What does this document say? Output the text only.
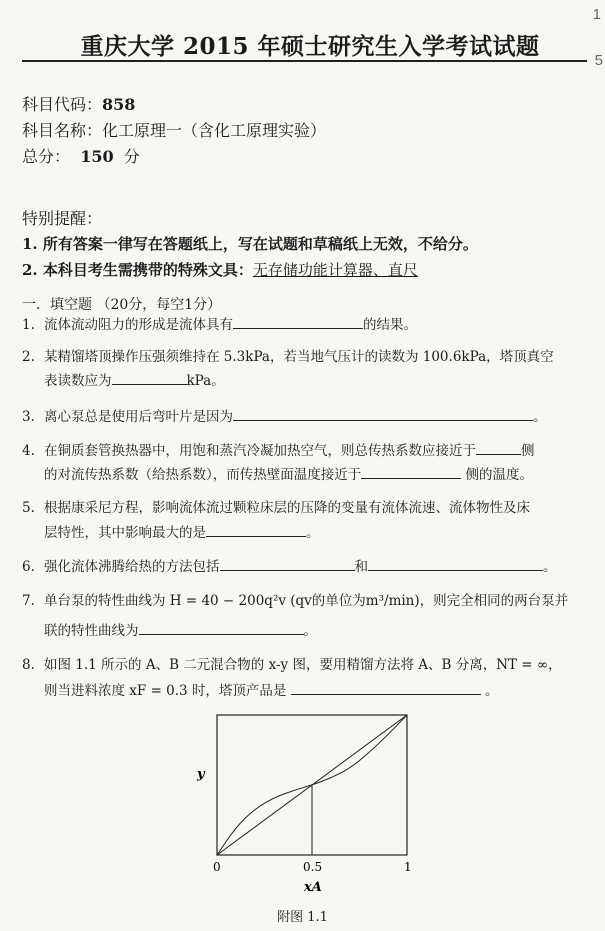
1
5
重庆大学 2015 年硕士研究生入学考试试题
科目代码：858
科目名称：化工原理一（含化工原理实验）
总分： 150 分
特别提醒：
1. 所有答案一律写在答题纸上，写在试题和草稿纸上无效，不给分。
2. 本科目考生需携带的特殊文具：无存储功能计算器、直尺
一．填空题 （20分，每空1分）
1. 流体流动阻力的形成是流体具有	的结果。
2. 某精馏塔顶操作压强须维持在 5.3kPa，若当地气压计的读数为 100.6kPa，塔顶真空
表读数应为	kPa。
3. 离心泵总是使用后弯叶片是因为	。
4. 在铜质套管换热器中，用饱和蒸汽冷凝加热空气，则总传热系数应接近于	侧
的对流传热系数（给热系数），而传热壁面温度接近于	侧的温度。
5. 根据康采尼方程，影响流体流过颗粒床层的压降的变量有流体流速、流体物性及床
层特性，其中影响最大的是	。
6. 强化流体沸腾给热的方法包括	和	。
7. 单台泵的特性曲线为 H = 40 − 200q²v (qv的单位为m³/min)，则完全相同的两台泵并
联的特性曲线为	。
8. 如图 1.1 所示的 A、B 二元混合物的 x-y 图，要用精馏方法将 A、B 分离，NT = ∞，
则当进料浓度 xF = 0.3 时，塔顶产品是	。
y
0	0.5	1
xA
附图 1.1
